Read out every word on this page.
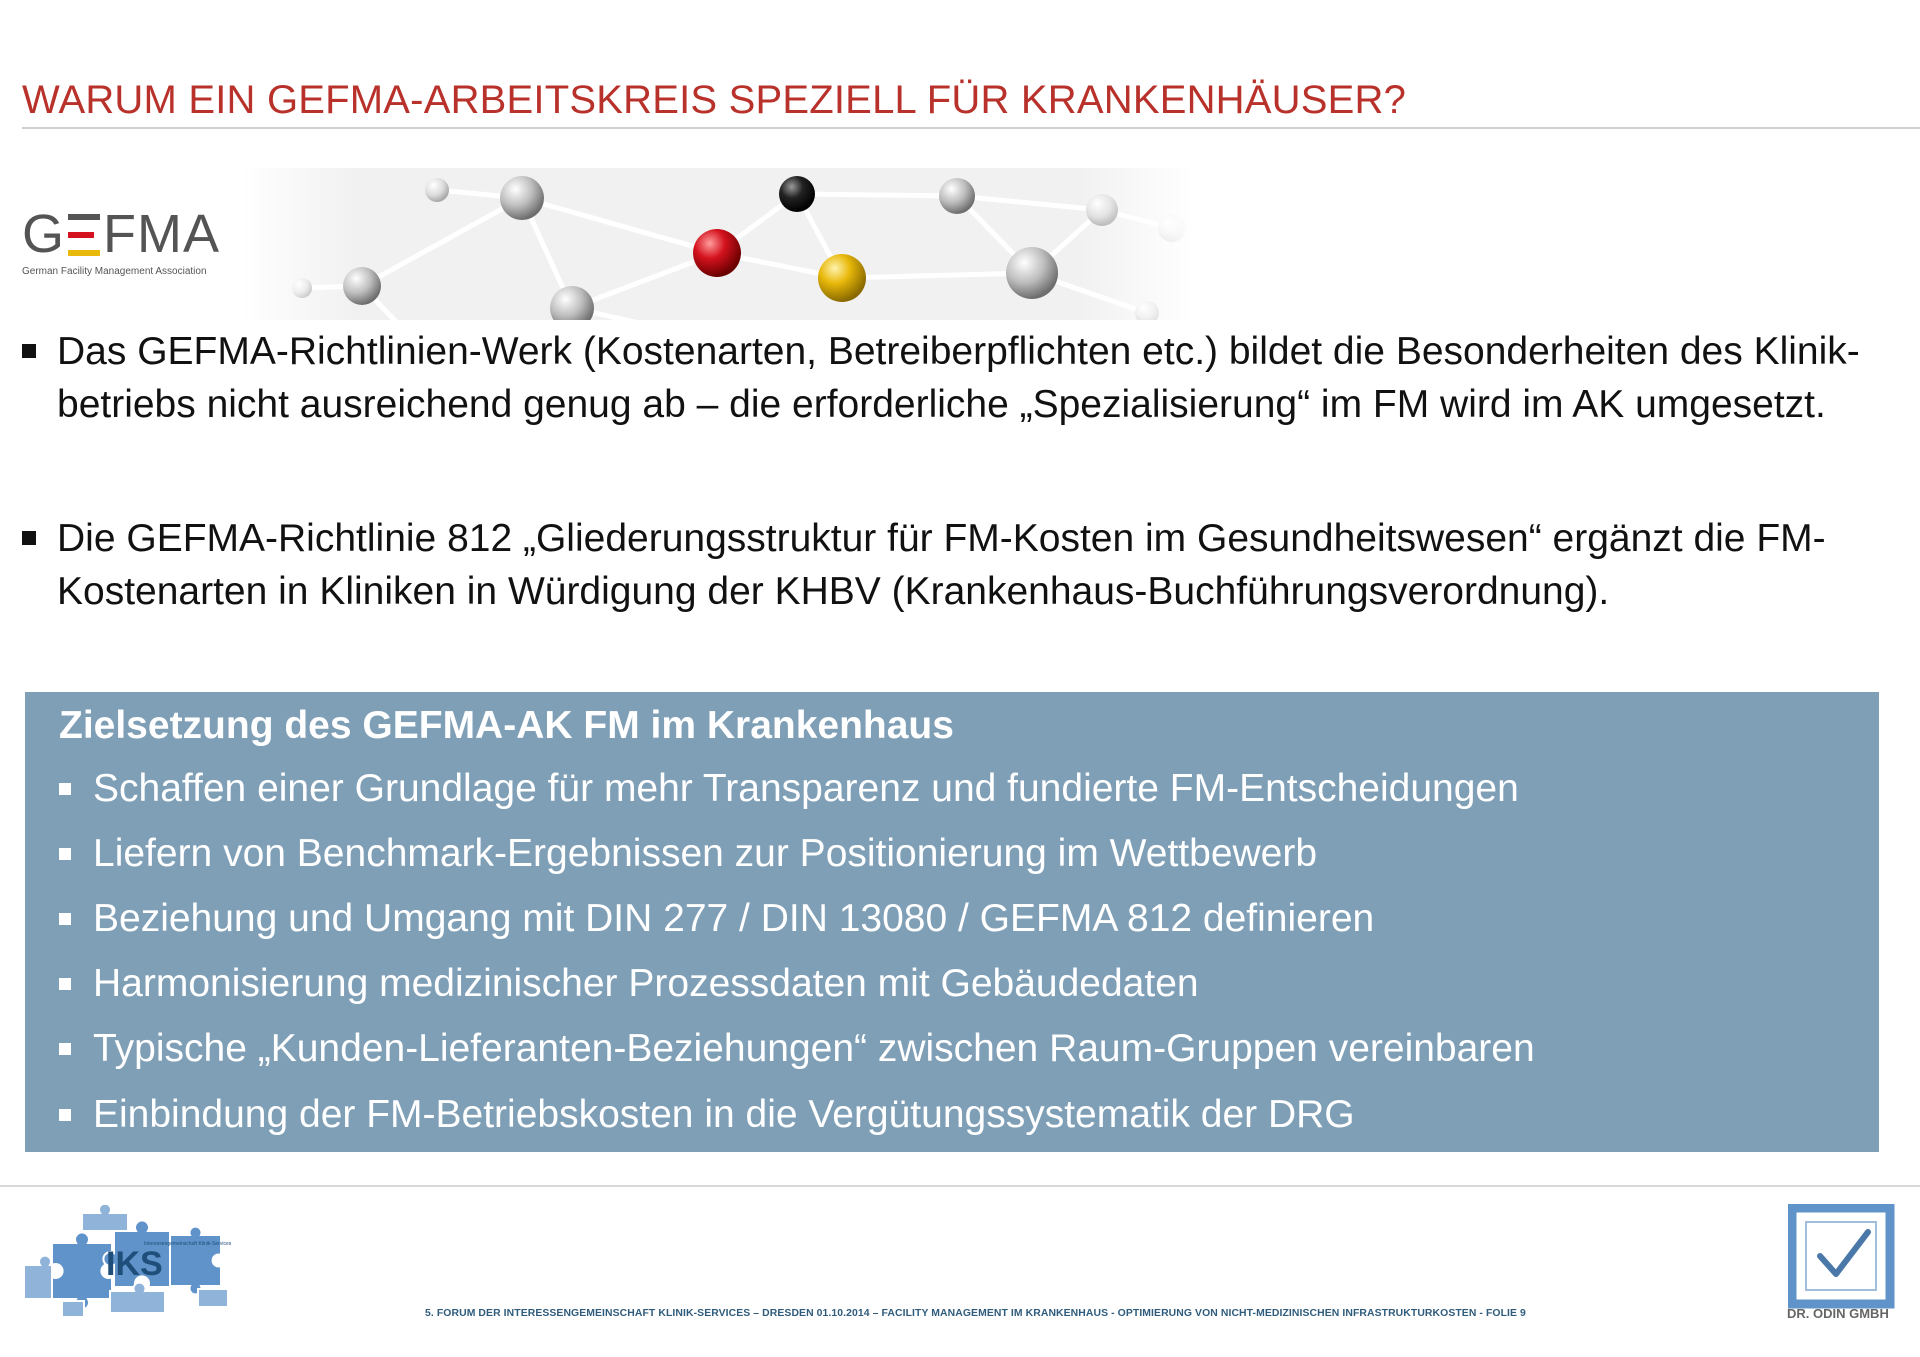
WARUM EIN GEFMA-ARBEITSKREIS SPEZIELL FÜR KRANKENHÄUSER?
G FMA
German Facility Management Association
Das GEFMA-Richtlinien-Werk (Kostenarten, Betreiberpflichten etc.) bildet die Besonderheiten des Klinik-betriebs nicht ausreichend genug ab – die erforderliche „Spezialisierung“ im FM wird im AK umgesetzt.
Die GEFMA-Richtlinie 812 „Gliederungsstruktur für FM-Kosten im Gesundheitswesen“ ergänzt die FM-Kostenarten in Kliniken in Würdigung der KHBV (Krankenhaus-Buchführungsverordnung).
Zielsetzung des GEFMA-AK FM im Krankenhaus
Schaffen einer Grundlage für mehr Transparenz und fundierte FM-Entscheidungen
Liefern von Benchmark-Ergebnissen zur Positionierung im Wettbewerb
Beziehung und Umgang mit DIN 277 / DIN 13080 / GEFMA 812 definieren
Harmonisierung medizinischer Prozessdaten mit Gebäudedaten
Typische „Kunden-Lieferanten-Beziehungen“ zwischen Raum-Gruppen vereinbaren
Einbindung der FM-Betriebskosten in die Vergütungssystematik der DRG
IKS
Interessengemeinschaft Klinik-Services
DR. ODIN GMBH
5. FORUM DER INTERESSENGEMEINSCHAFT KLINIK-SERVICES – DRESDEN 01.10.2014 – FACILITY MANAGEMENT IM KRANKENHAUS - OPTIMIERUNG VON NICHT-MEDIZINISCHEN INFRASTRUKTURKOSTEN - FOLIE 9
